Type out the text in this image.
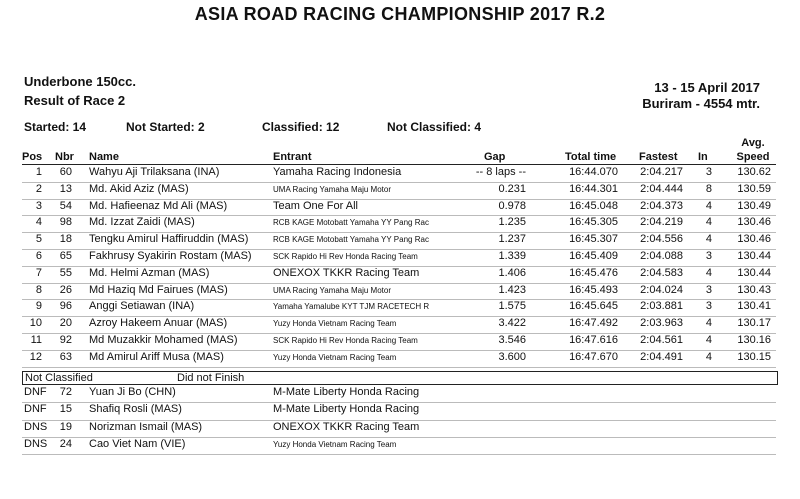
ASIA ROAD RACING CHAMPIONSHIP 2017 R.2
Underbone 150cc.
Result of Race 2
13 - 15 April 2017
Buriram - 4554 mtr.
Started: 14	Not Started: 2	Classified: 12	Not Classified: 4
Pos Nbr Name	Entrant	Gap	Total time Fastest In
Avg.
Speed
1	60 Wahyu Aji Trilaksana (INA)	Yamaha Racing Indonesia	-- 8 laps --	16:44.070	2:04.217	3	130.62
2	13 Md. Akid Aziz (MAS)	UMA Racing Yamaha Maju Motor	0.231	16:44.301	2:04.444	8	130.59
3	54 Md. Hafieenaz Md Ali (MAS)	Team One For All	0.978	16:45.048	2:04.373	4	130.49
4	98 Md. Izzat Zaidi (MAS)	RCB KAGE Motobatt Yamaha YY Pang Rac	1.235	16:45.305	2:04.219	4	130.46
5	18 Tengku Amirul Haffiruddin (MAS)	RCB KAGE Motobatt Yamaha YY Pang Rac	1.237	16:45.307	2:04.556	4	130.46
6	65 Fakhrusy Syakirin Rostam (MAS)	SCK Rapido Hi Rev Honda Racing Team	1.339	16:45.409	2:04.088	3	130.44
7	55 Md. Helmi Azman (MAS)	ONEXOX TKKR Racing Team	1.406	16:45.476	2:04.583	4	130.44
8	26 Md Haziq Md Fairues (MAS)	UMA Racing Yamaha Maju Motor	1.423	16:45.493	2:04.024	3	130.43
9	96 Anggi Setiawan (INA)	Yamaha Yamalube KYT TJM RACETECH R	1.575	16:45.645	2:03.881	3	130.41
10	20 Azroy Hakeem Anuar (MAS)	Yuzy Honda Vietnam Racing Team	3.422	16:47.492	2:03.963	4	130.17
11	92 Md Muzakkir Mohamed (MAS)	SCK Rapido Hi Rev Honda Racing Team	3.546	16:47.616	2:04.561	4	130.16
12	63 Md Amirul Ariff Musa (MAS)	Yuzy Honda Vietnam Racing Team	3.600	16:47.670	2:04.491	4	130.15
Not Classified	Did not Finish
DNF	72 Yuan Ji Bo (CHN)	M-Mate Liberty Honda Racing
DNF	15 Shafiq Rosli (MAS)	M-Mate Liberty Honda Racing
DNS	19 Norizman Ismail (MAS)	ONEXOX TKKR Racing Team
DNS	24 Cao Viet Nam (VIE)	Yuzy Honda Vietnam Racing Team
